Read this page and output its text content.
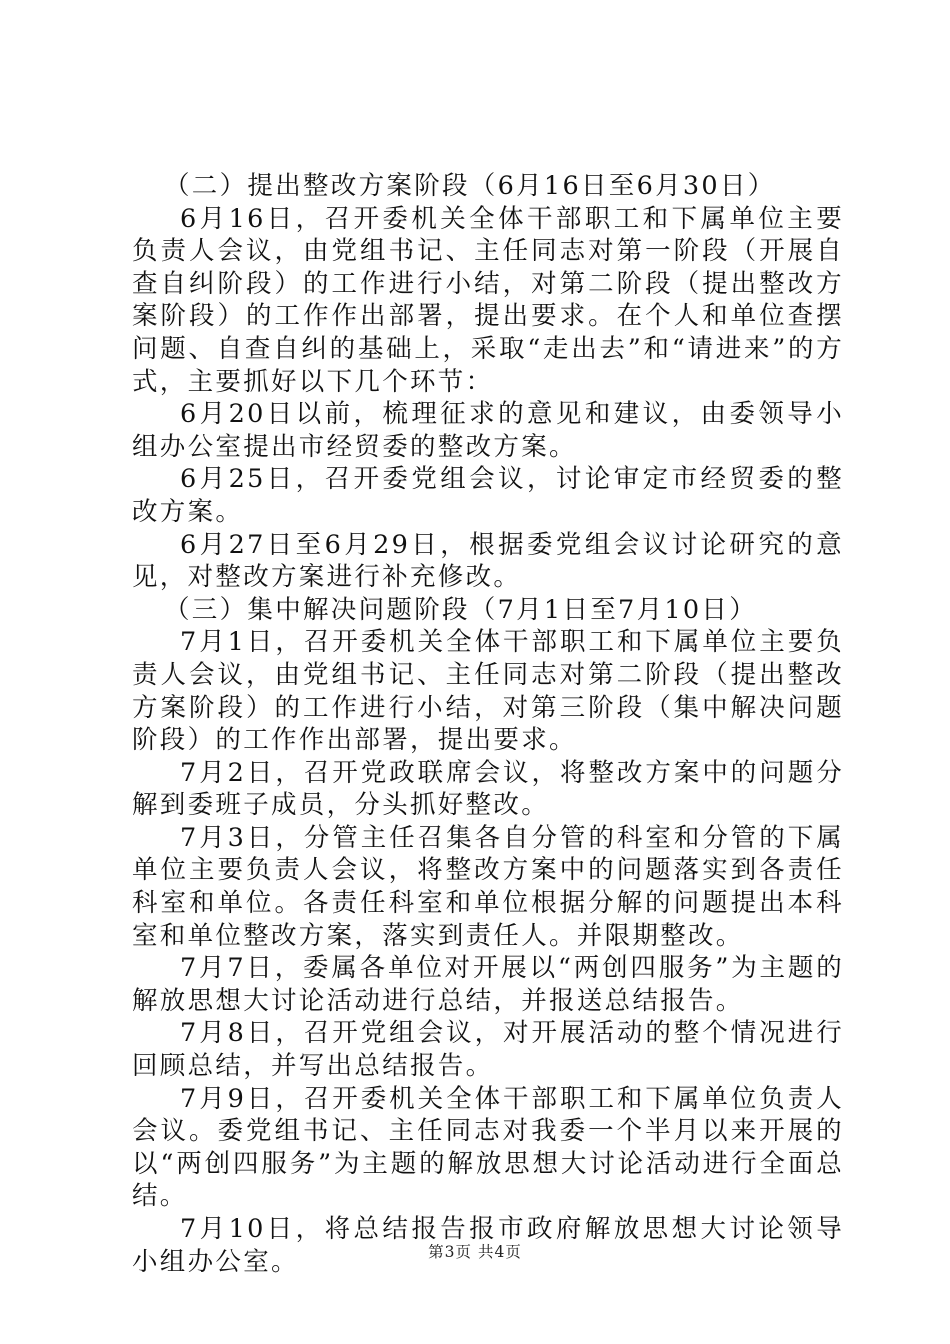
（二）提出整改方案阶段（6月16日至6月30日）

6月16日，召开委机关全体干部职工和下属单位主要负责人会议，由党组书记、主任同志对第一阶段（开展自查自纠阶段）的工作进行小结，对第二阶段（提出整改方案阶段）的工作作出部署，提出要求。在个人和单位查摆问题、自查自纠的基础上，采取“走出去”和“请进来”的方式，主要抓好以下几个环节：

6月20日以前，梳理征求的意见和建议，由委领导小组办公室提出市经贸委的整改方案。

6月25日，召开委党组会议，讨论审定市经贸委的整改方案。

6月27日至6月29日，根据委党组会议讨论研究的意见，对整改方案进行补充修改。

（三）集中解决问题阶段（7月1日至7月10日）

7月1日，召开委机关全体干部职工和下属单位主要负责人会议，由党组书记、主任同志对第二阶段（提出整改方案阶段）的工作进行小结，对第三阶段（集中解决问题阶段）的工作作出部署，提出要求。

7月2日，召开党政联席会议，将整改方案中的问题分解到委班子成员，分头抓好整改。

7月3日，分管主任召集各自分管的科室和分管的下属单位主要负责人会议，将整改方案中的问题落实到各责任科室和单位。各责任科室和单位根据分解的问题提出本科室和单位整改方案，落实到责任人。并限期整改。

7月7日，委属各单位对开展以“两创四服务”为主题的解放思想大讨论活动进行总结，并报送总结报告。

7月8日，召开党组会议，对开展活动的整个情况进行回顾总结，并写出总结报告。

7月9日，召开委机关全体干部职工和下属单位负责人会议。委党组书记、主任同志对我委一个半月以来开展的以“两创四服务”为主题的解放思想大讨论活动进行全面总结。

7月10日，将总结报告报市政府解放思想大讨论领导小组办公室。	第3页 共4页
